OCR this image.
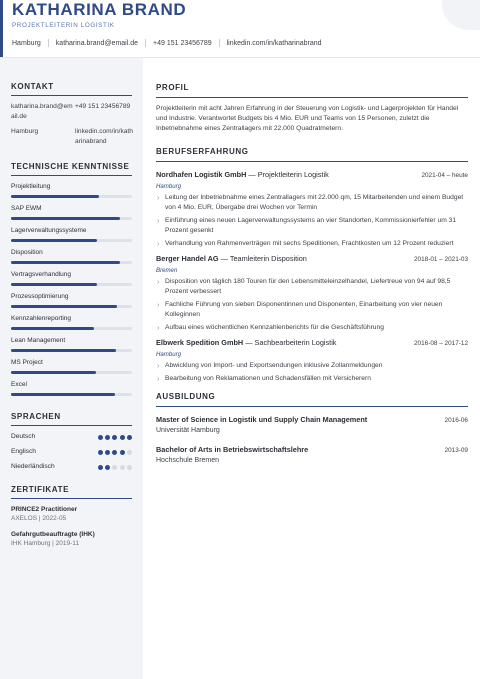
KATHARINA BRAND
PROJEKTLEITERIN LOGISTIK
Hamburg katharina.brand@email.de +49 151 23456789 linkedin.com/in/katharinabrand
KONTAKT
katharina.brand@email.de
+49 151 23456789
Hamburg	linkedin.com/in/katharinabrand
TECHNISCHE KENNTNISSE
Projektleitung
SAP EWM
Lagerverwaltungssysteme
Disposition
Vertragsverhandlung
Prozessoptimierung
Kennzahlenreporting
Lean Management
MS Project
Excel
SPRACHEN
Deutsch
Englisch
Niederländisch
ZERTIFIKATE
PRINCE2 Practitioner
AXELOS | 2022-05
Gefahrgutbeauftragte (IHK)
IHK Hamburg | 2019-11
PROFIL

Projektleiterin mit acht Jahren Erfahrung in der Steuerung von Logistik- und Lagerprojekten für Handel und Industrie. Verantwortet Budgets bis 4 Mio. EUR und Teams von 15 Personen, zuletzt die Inbetriebnahme eines Zentrallagers mit 22.000 Quadratmetern.

BERUFSERFAHRUNG
Nordhafen Logistik GmbH — Projektleiterin Logistik	2021-04 – heute
Hamburg
› Leitung der Inbetriebnahme eines Zentrallagers mit 22.000 qm, 15 Mitarbeitenden und einem Budget von 4 Mio. EUR, Übergabe drei Wochen vor Termin
› Einführung eines neuen Lagerverwaltungssystems an vier Standorten, Kommissionierfehler um 31 Prozent gesenkt
› Verhandlung von Rahmenverträgen mit sechs Speditionen, Frachtkosten um 12 Prozent reduziert
Berger Handel AG — Teamleiterin Disposition	2018-01 – 2021-03
Bremen
› Disposition von täglich 180 Touren für den Lebensmitteleinzelhandel, Liefertreue von 94 auf 98,5 Prozent verbessert
› Fachliche Führung von sieben Disponentinnen und Disponenten, Einarbeitung von vier neuen Kolleginnen
› Aufbau eines wöchentlichen Kennzahlenberichts für die Geschäftsführung
Elbwerk Spedition GmbH — Sachbearbeiterin Logistik	2016-08 – 2017-12
Hamburg
› Abwicklung von Import- und Exportsendungen inklusive Zollanmeldungen
› Bearbeitung von Reklamationen und Schadensfällen mit Versicherern
AUSBILDUNG
Master of Science in Logistik und Supply Chain Management	2016-06
Universität Hamburg
Bachelor of Arts in Betriebswirtschaftslehre	2013-09
Hochschule Bremen
